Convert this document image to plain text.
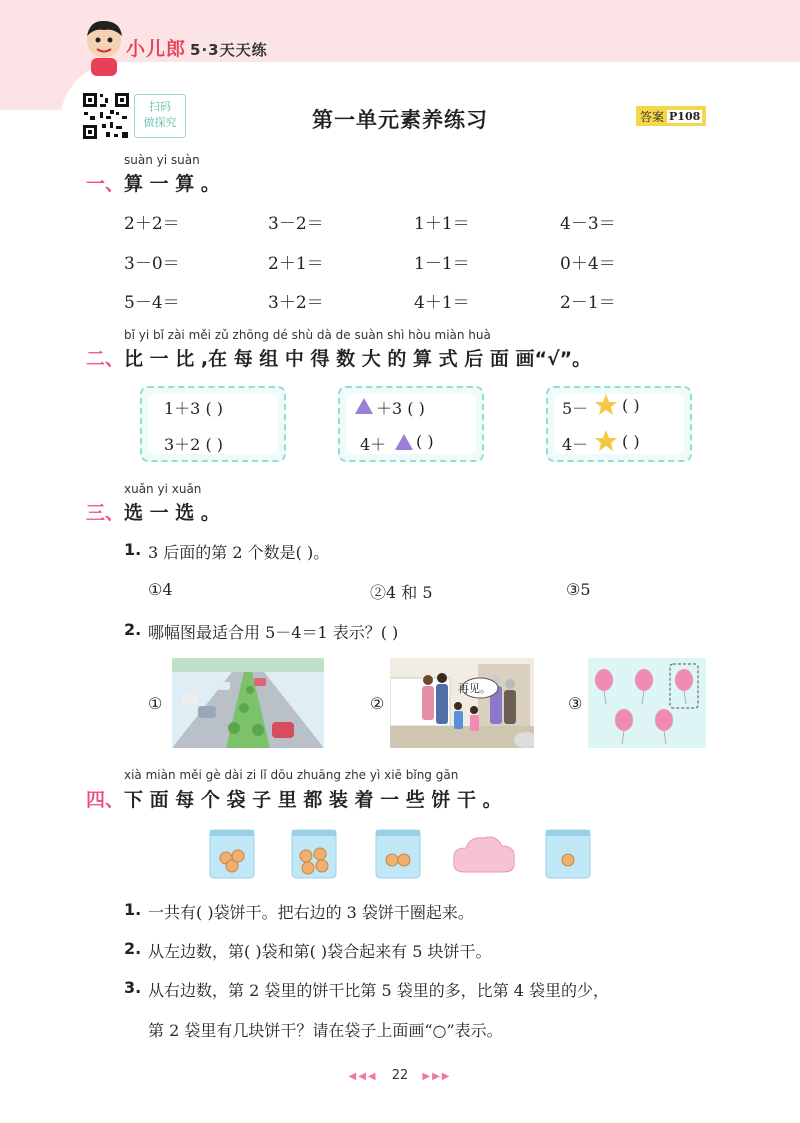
小儿郎 5·3天天练
扫码
做探究	第一单元素养练习	答案 P108
suàn yi suàn
一、算 一 算 。
2＋2＝	3－2＝	1＋1＝	4－3＝
3－0＝	2＋1＝	1－1＝	0＋4＝
5－4＝	3＋2＝	4＋1＝	2－1＝
bǐ yi bǐ zài měi zǔ zhōng dé shù dà de suàn shì hòu miàn huà
二、比 一 比 ,在 每 组 中 得 数 大 的 算 式 后 面 画“√”。
1＋3 ( )
3＋2 ( )
＋3 ( )
4＋ ( )
5－ ( )
4－ ( )
xuǎn yi xuǎn
三、选 一 选 。
1. 3 后面的第 2 个数是( )。
①4	②4 和 5	③5
2. 哪幅图最适合用 5－4＝1 表示？( )
①	②
再见。
③
xià miàn měi gè dài zi lǐ dōu zhuāng zhe yì xiē bǐng gān
四、下 面 每 个 袋 子 里 都 装 着 一 些 饼 干 。
1. 一共有( )袋饼干。把右边的 3 袋饼干圈起来。
2. 从左边数，第( )袋和第( )袋合起来有 5 块饼干。
3. 从右边数，第 2 袋里的饼干比第 5 袋里的多，比第 4 袋里的少，
第 2 袋里有几块饼干？请在袋子上面画“○”表示。
◀◀◀ 22 ▶▶▶
